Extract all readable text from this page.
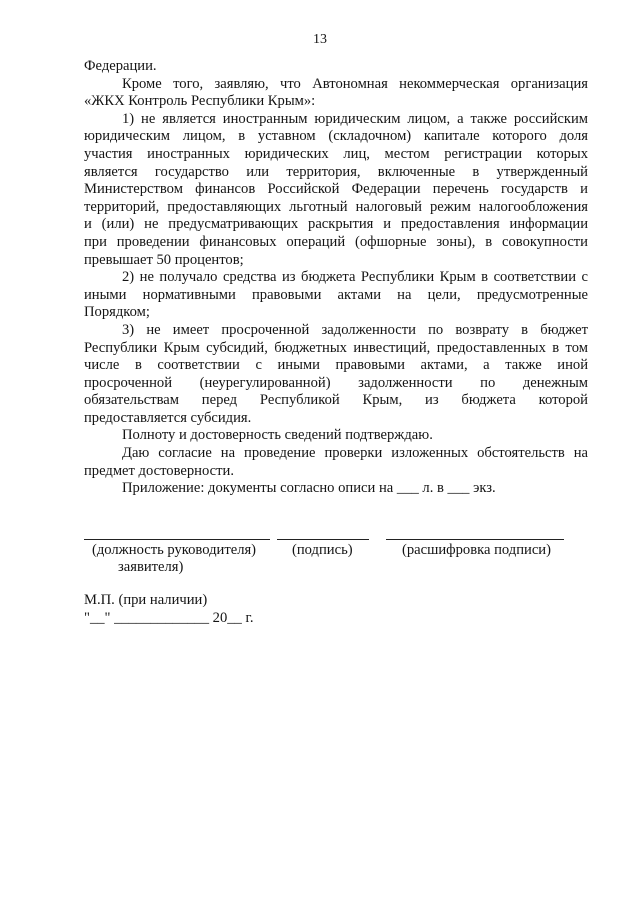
13
Федерации.
Кроме того, заявляю, что Автономная некоммерческая организация
«ЖКХ Контроль Республики Крым»:
1) не является иностранным юридическим лицом, а также российским
юридическим лицом, в уставном (складочном) капитале которого доля
участия иностранных юридических лиц, местом регистрации которых
является государство или территория, включенные в утвержденный
Министерством финансов Российской Федерации перечень государств и
территорий, предоставляющих льготный налоговый режим налогообложения
и (или) не предусматривающих раскрытия и предоставления информации
при проведении финансовых операций (офшорные зоны), в совокупности
превышает 50 процентов;
2) не получало средства из бюджета Республики Крым в соответствии с
иными нормативными правовыми актами на цели, предусмотренные
Порядком;
3) не имеет просроченной задолженности по возврату в бюджет
Республики Крым субсидий, бюджетных инвестиций, предоставленных в том
числе в соответствии с иными правовыми актами, а также иной
просроченной (неурегулированной) задолженности по денежным
обязательствам перед Республикой Крым, из бюджета которой
предоставляется субсидия.
Полноту и достоверность сведений подтверждаю.
Даю согласие на проведение проверки изложенных обстоятельств на
предмет достоверности.
Приложение: документы согласно описи на ___ л. в ___ экз.
(должность руководителя)
заявителя)
(подпись)	(расшифровка подписи)
М.П. (при наличии)
"__" _____________ 20__ г.
